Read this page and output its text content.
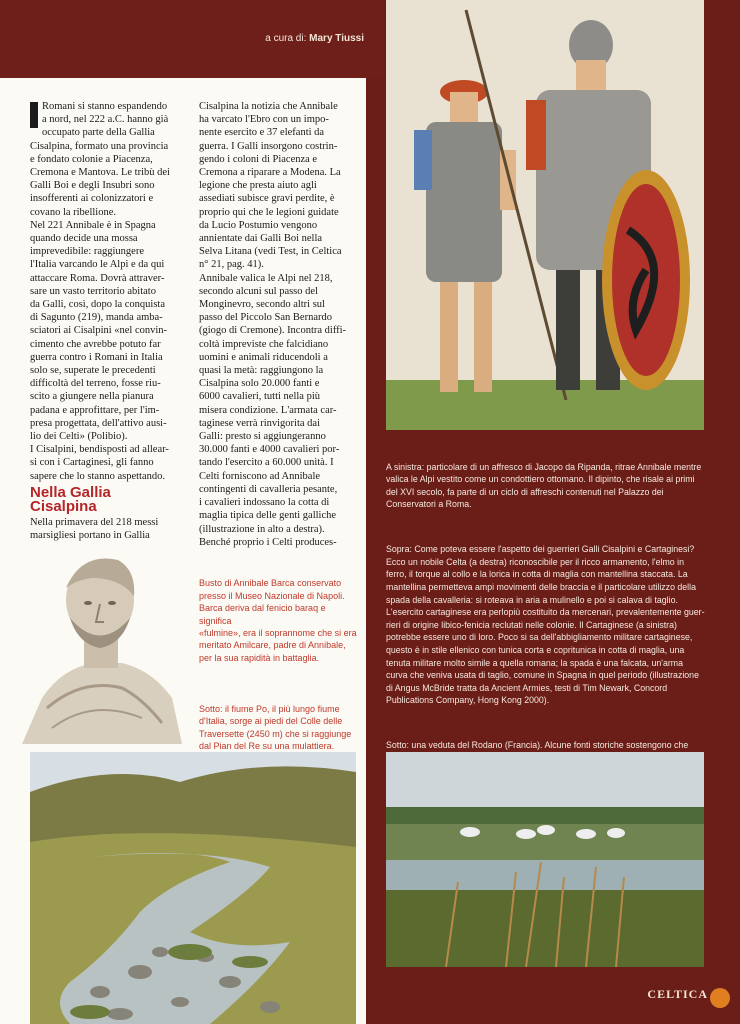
a cura di: Mary Tiussi
Romani si stanno espandendo
a nord, nel 222 a.C. hanno già
occupato parte della Gallia
Cisalpina, formato una provincia
e fondato colonie a Piacenza,
Cremona e Mantova. Le tribù dei
Galli Boi e degli Insubri sono
insofferenti ai colonizzatori e
covano la ribellione.
Nel 221 Annibale è in Spagna
quando decide una mossa
imprevedibile: raggiungere
l'Italia varcando le Alpi e da qui
attaccare Roma. Dovrà attraver-
sare un vasto territorio abitato
da Galli, così, dopo la conquista
di Sagunto (219), manda amba-
sciatori ai Cisalpini «nel convin-
cimento che avrebbe potuto far
guerra contro i Romani in Italia
solo se, superate le precedenti
difficoltà del terreno, fosse riu-
scito a giungere nella pianura
padana e approfittare, per l'im-
presa progettata, dell'attivo ausi-
lio dei Celti» (Polibio).
I Cisalpini, bendisposti ad allear-
si con i Cartaginesi, gli fanno
sapere che lo stanno aspettando.
Cisalpina la notizia che Annibale
ha varcato l'Ebro con un impo-
nente esercito e 37 elefanti da
guerra. I Galli insorgono costrin-
gendo i coloni di Piacenza e
Cremona a riparare a Modena. La
legione che presta aiuto agli
assediati subisce gravi perdite, è
proprio qui che le legioni guidate
da Lucio Postumio vengono
annientate dai Galli Boi nella
Selva Litana (vedi Test, in Celtica
n° 21, pag. 41).
Annibale valica le Alpi nel 218,
secondo alcuni sul passo del
Monginevro, secondo altri sul
passo del Piccolo San Bernardo
(giogo di Cremone). Incontra diffi-
coltà impreviste che falcidiano
uomini e animali riducendoli a
quasi la metà: raggiungono la
Cisalpina solo 20.000 fanti e
6000 cavalieri, tutti nella più
misera condizione. L'armata car-
taginese verrà rinvigorita dai
Galli: presto si aggiungeranno
30.000 fanti e 4000 cavalieri por-
tando l'esercito a 60.000 unità. I
Celti forniscono ad Annibale
contingenti di cavalleria pesante,
i cavalieri indossano la cotta di
maglia tipica delle genti galliche
(illustrazione in alto a destra).
Benché proprio i Celti produces-
Nella Gallia Cisalpina
Nella primavera del 218 messi
marsigliesi portano in Gallia

Busto di Annibale Barca conservato
presso il Museo Nazionale di Napoli.
Barca deriva dal fenicio baraq e significa
«fulmine», era il soprannome che si era
meritato Amilcare, padre di Annibale,
per la sua rapidità in battaglia.

Sotto: il fiume Po, il più lungo fiume
d'Italia, sorge ai piedi del Colle delle
Traversette (2450 m) che si raggiunge
dal Pian del Re su una mulattiera.

A sinistra: particolare di un affresco di Jacopo da Ripanda, ritrae Annibale mentre
valica le Alpi vestito come un condottiero ottomano. Il dipinto, che risale ai primi
del XVI secolo, fa parte di un ciclo di affreschi contenuti nel Palazzo dei
Conservatori a Roma.

Sopra: Come poteva essere l'aspetto dei guerrieri Galli Cisalpini e Cartaginesi?
Ecco un nobile Celta (a destra) riconoscibile per il ricco armamento, l'elmo in
ferro, il torque al collo e la lorica in cotta di maglia con mantellina staccata. La
mantellina permetteva ampi movimenti delle braccia e il particolare utilizzo della
spada della cavalleria: si roteava in aria a mulinello e poi si calava di taglio.
L'esercito cartaginese era perlopiù costituito da mercenari, prevalentemente guer-
rieri di origine libico-fenicia reclutati nelle colonie. Il Cartaginese (a sinistra)
potrebbe essere uno di loro. Poco si sa dell'abbigliamento militare cartaginese,
questo è in stile ellenico con tunica corta e copritunica in cotta di maglia, una
tenuta militare molto simile a quella romana; la spada è una falcata, un'arma
curva che veniva usata di taglio, comune in Spagna in quel periodo (illustrazione
di Angus McBride tratta da Ancient Armies, testi di Tim Newark, Concord
Publications Company, Hong Kong 2000).

Sotto: una veduta del Rodano (Francia). Alcune fonti storiche sostengono che

CELTICA
